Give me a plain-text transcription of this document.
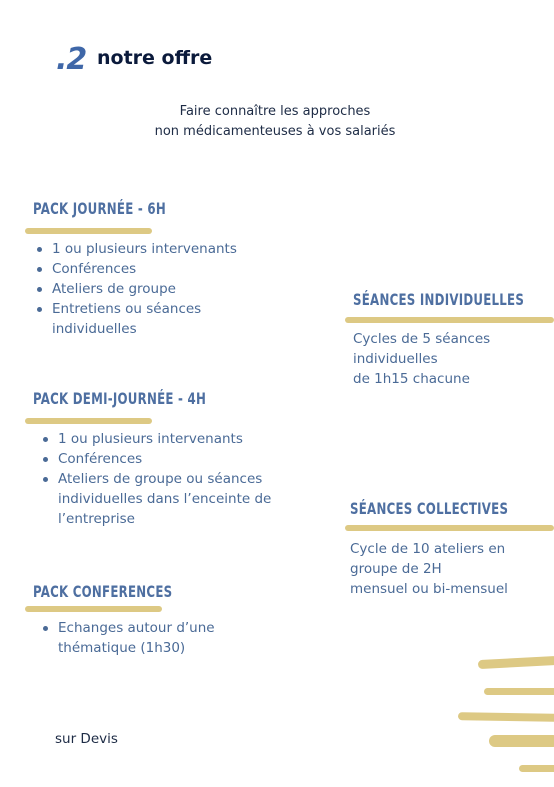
.2 notre offre
Faire connaître les approches
non médicamenteuses à vos salariés
PACK JOURNÉE - 6H
1 ou plusieurs intervenants
Conférences
Ateliers de groupe
Entretiens ou séances individuelles
PACK DEMI-JOURNÉE - 4H
1 ou plusieurs intervenants
Conférences
Ateliers de groupe ou séances individuelles dans l’enceinte de l’entreprise
PACK CONFERENCES
Echanges autour d’une thématique (1h30)
SÉANCES INDIVIDUELLES
Cycles de 5 séances
individuelles
de 1h15 chacune
SÉANCES COLLECTIVES
Cycle de 10 ateliers en
groupe de 2H
mensuel ou bi-mensuel
sur Devis
